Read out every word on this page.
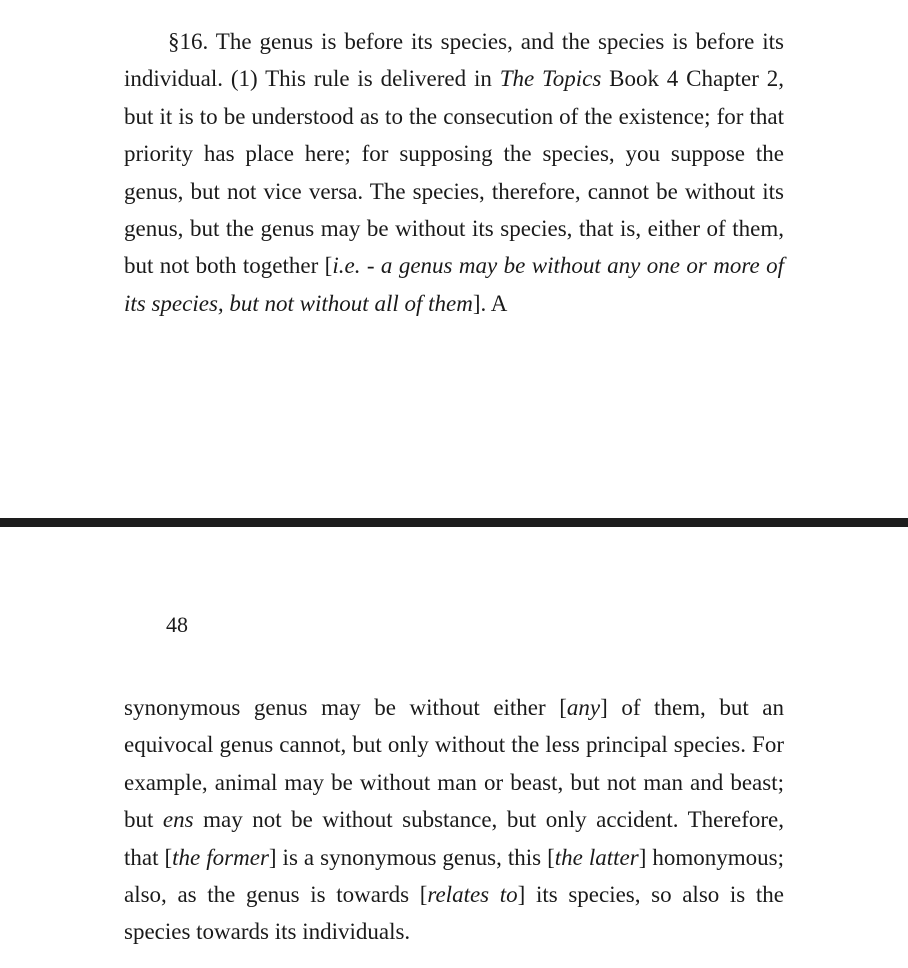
§16. The genus is before its species, and the species is before its individual. (1) This rule is delivered in The Topics Book 4 Chapter 2, but it is to be understood as to the consecution of the existence; for that priority has place here; for supposing the species, you suppose the genus, but not vice versa. The species, therefore, cannot be without its genus, but the genus may be without its species, that is, either of them, but not both together [i.e. - a genus may be without any one or more of its species, but not without all of them]. A

48

synonymous genus may be without either [any] of them, but an equivocal genus cannot, but only without the less principal species. For example, animal may be without man or beast, but not man and beast; but ens may not be without substance, but only accident. Therefore, that [the former] is a synonymous genus, this [the latter] homonymous; also, as the genus is towards [relates to] its species, so also is the species towards its individuals.
